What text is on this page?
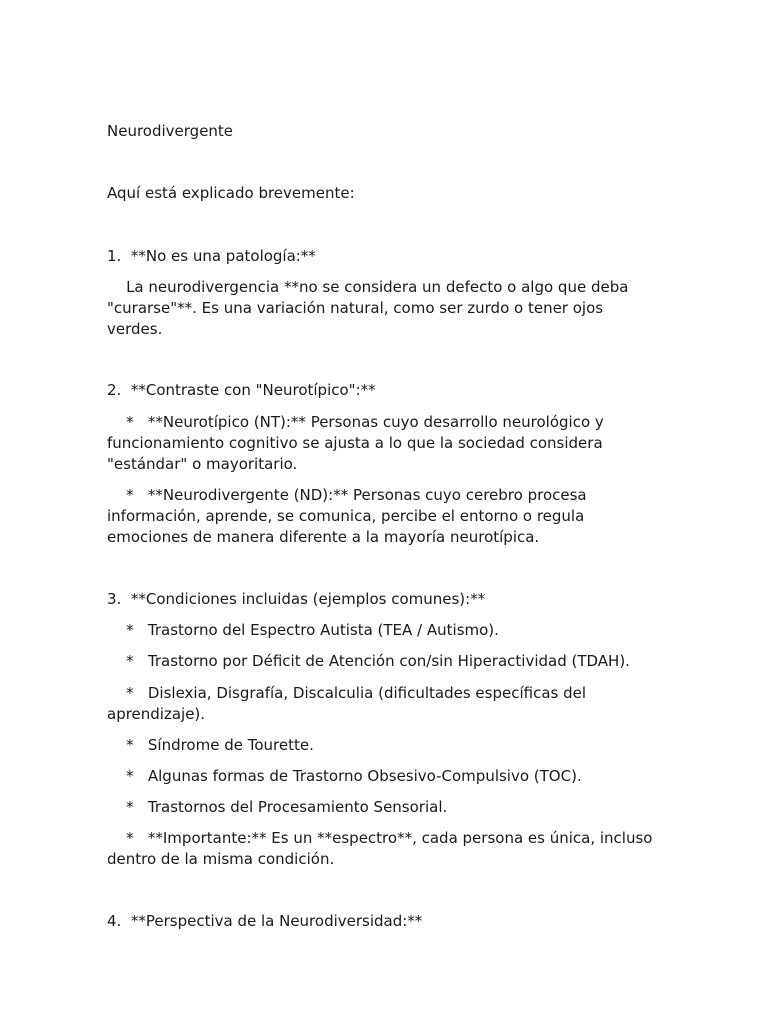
Neurodivergente

Aquí está explicado brevemente:

1.  **No es una patología:**

La neurodivergencia **no se considera un defecto o algo que deba "curarse"**. Es una variación natural, como ser zurdo o tener ojos verdes.

2.  **Contraste con "Neurotípico":**

*   **Neurotípico (NT):** Personas cuyo desarrollo neurológico y funcionamiento cognitivo se ajusta a lo que la sociedad considera "estándar" o mayoritario.

*   **Neurodivergente (ND):** Personas cuyo cerebro procesa información, aprende, se comunica, percibe el entorno o regula emociones de manera diferente a la mayoría neurotípica.

3.  **Condiciones incluidas (ejemplos comunes):**

*   Trastorno del Espectro Autista (TEA / Autismo).

*   Trastorno por Déficit de Atención con/sin Hiperactividad (TDAH).

*   Dislexia, Disgrafía, Discalculia (dificultades específicas del aprendizaje).

*   Síndrome de Tourette.

*   Algunas formas de Trastorno Obsesivo-Compulsivo (TOC).

*   Trastornos del Procesamiento Sensorial.

*   **Importante:** Es un **espectro**, cada persona es única, incluso dentro de la misma condición.

4.  **Perspectiva de la Neurodiversidad:**
